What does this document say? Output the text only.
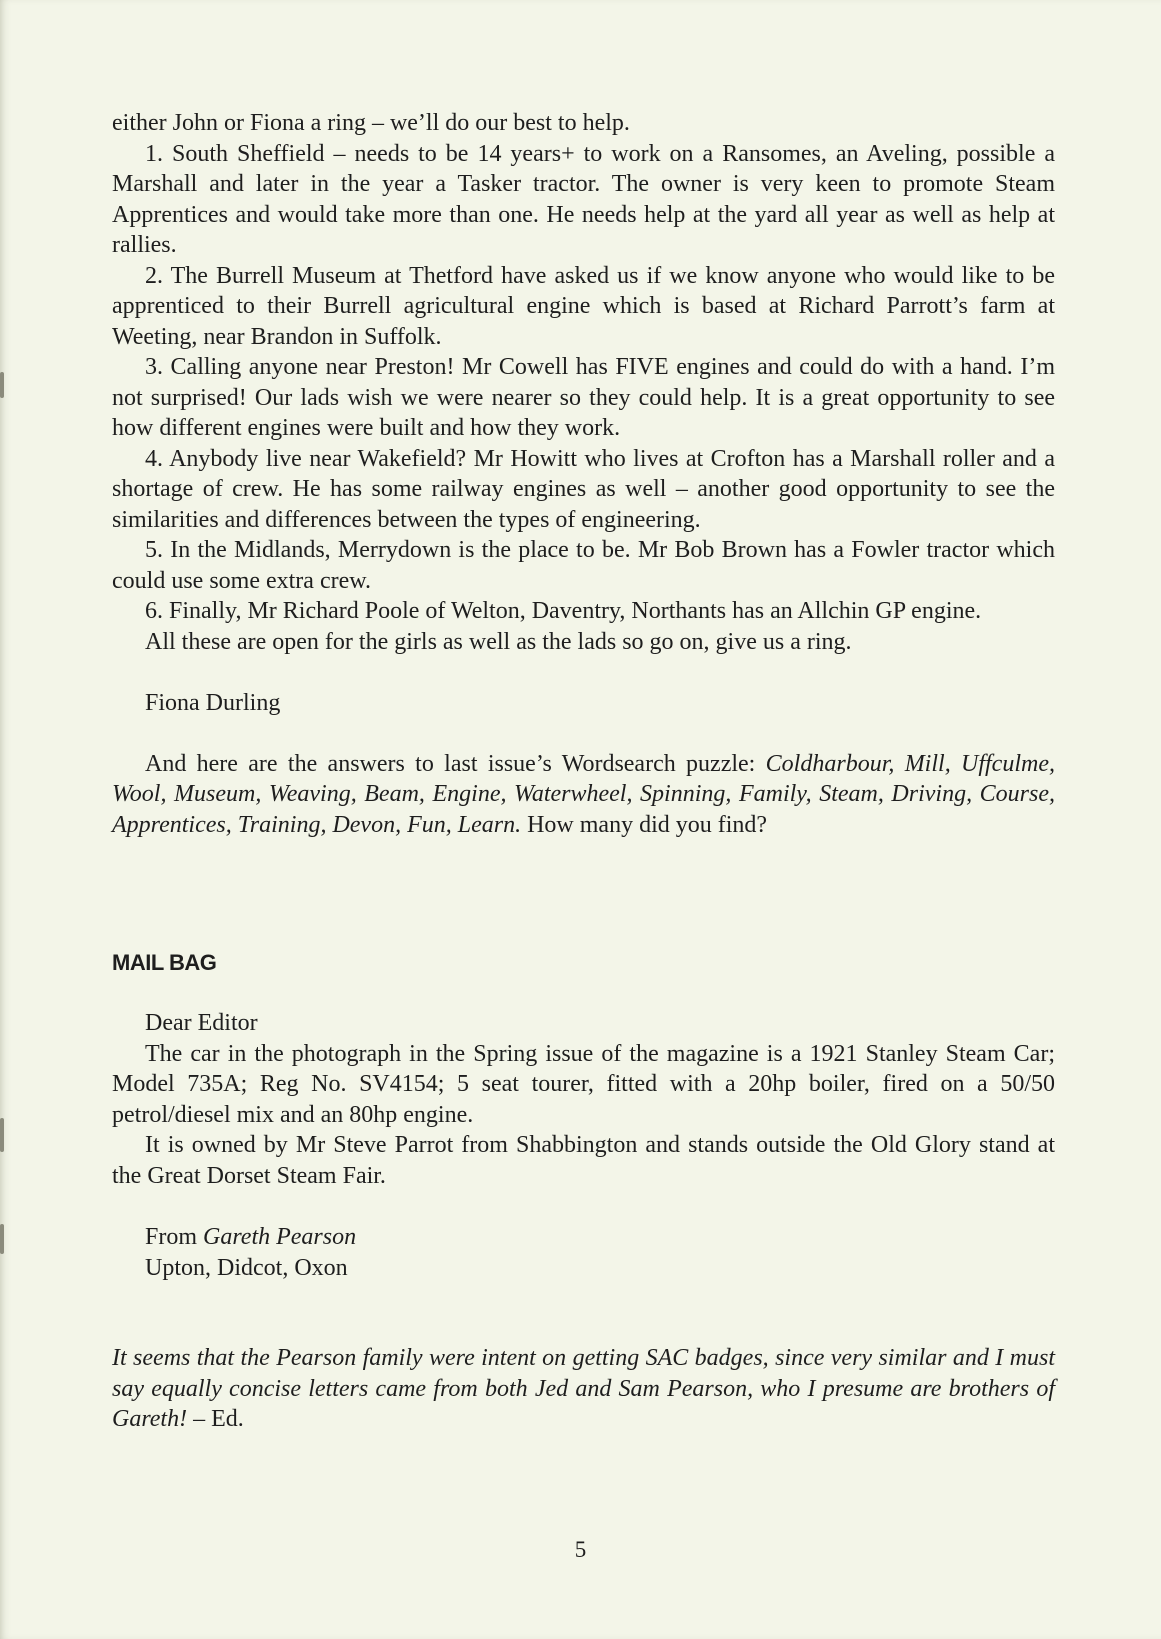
either John or Fiona a ring – we’ll do our best to help.

1. South Sheffield – needs to be 14 years+ to work on a Ransomes, an Aveling, possible a Marshall and later in the year a Tasker tractor. The owner is very keen to promote Steam Apprentices and would take more than one. He needs help at the yard all year as well as help at rallies.

2. The Burrell Museum at Thetford have asked us if we know anyone who would like to be apprenticed to their Burrell agricultural engine which is based at Richard Parrott’s farm at Weeting, near Brandon in Suffolk.

3. Calling anyone near Preston! Mr Cowell has FIVE engines and could do with a hand. I’m not surprised! Our lads wish we were nearer so they could help. It is a great opportunity to see how different engines were built and how they work.

4. Anybody live near Wakefield? Mr Howitt who lives at Crofton has a Marshall roller and a shortage of crew. He has some railway engines as well – another good opportunity to see the similarities and differences between the types of engineering.

5. In the Midlands, Merrydown is the place to be. Mr Bob Brown has a Fowler tractor which could use some extra crew.

6. Finally, Mr Richard Poole of Welton, Daventry, Northants has an Allchin GP engine.

All these are open for the girls as well as the lads so go on, give us a ring.

Fiona Durling

And here are the answers to last issue’s Wordsearch puzzle: Coldharbour, Mill, Uffculme, Wool, Museum, Weaving, Beam, Engine, Waterwheel, Spinning, Family, Steam, Driving, Course, Apprentices, Training, Devon, Fun, Learn. How many did you find?

MAIL BAG

Dear Editor

The car in the photograph in the Spring issue of the magazine is a 1921 Stanley Steam Car; Model 735A; Reg No. SV4154; 5 seat tourer, fitted with a 20hp boiler, fired on a 50/50 petrol/diesel mix and an 80hp engine.

It is owned by Mr Steve Parrot from Shabbington and stands outside the Old Glory stand at the Great Dorset Steam Fair.

From Gareth Pearson

Upton, Didcot, Oxon

It seems that the Pearson family were intent on getting SAC badges, since very similar and I must say equally concise letters came from both Jed and Sam Pearson, who I presume are brothers of Gareth! – Ed.

5
